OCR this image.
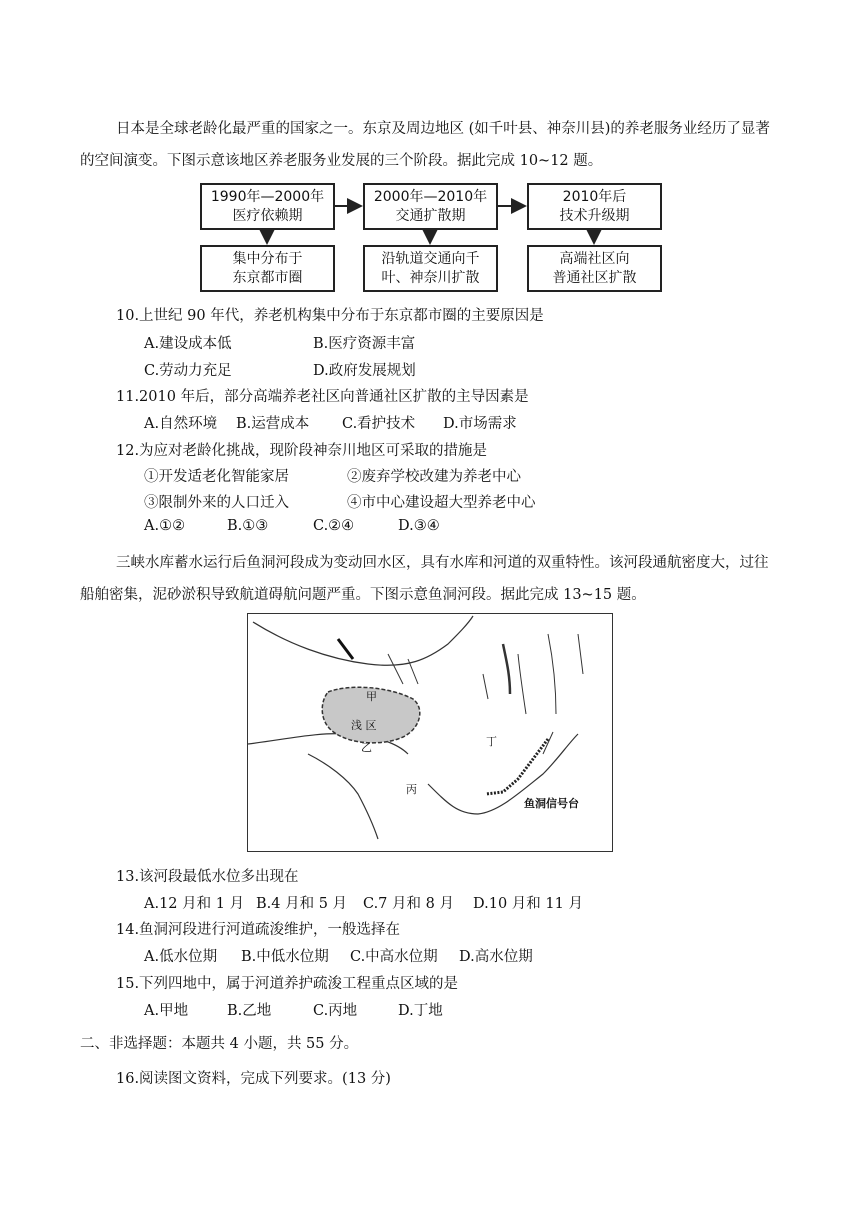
日本是全球老龄化最严重的国家之一。东京及周边地区 (如千叶县、神奈川县)的养老服务业经历了显著的空间演变。下图示意该地区养老服务业发展的三个阶段。据此完成 10~12 题。
1990年—2000年
医疗依赖期
2000年—2010年
交通扩散期
2010年后
技术升级期
集中分布于
东京都市圈
沿轨道交通向千
叶、神奈川扩散
高端社区向
普通社区扩散
10.上世纪 90 年代，养老机构集中分布于东京都市圈的主要原因是
A.建设成本低	B.医疗资源丰富
C.劳动力充足	D.政府发展规划
11.2010 年后，部分高端养老社区向普通社区扩散的主导因素是
A.自然环境 B.运营成本 C.看护技术 D.市场需求
12.为应对老龄化挑战，现阶段神奈川地区可采取的措施是
①开发适老化智能家居	②废弃学校改建为养老中心
③限制外来的人口迁入	④市中心建设超大型养老中心
A.①②	B.①③	C.②④	D.③④
三峡水库蓄水运行后鱼洞河段成为变动回水区，具有水库和河道的双重特性。该河段通航密度大，过往船舶密集，泥砂淤积导致航道碍航问题严重。下图示意鱼洞河段。据此完成 13~15 题。
甲
浅 区
乙
丙
丁
鱼洞信号台
13.该河段最低水位多出现在
A.12 月和 1 月 B.4 月和 5 月 C.7 月和 8 月 D.10 月和 11 月
14.鱼洞河段进行河道疏浚维护，一般选择在
A.低水位期 B.中低水位期 C.中高水位期 D.高水位期
15.下列四地中，属于河道养护疏浚工程重点区域的是
A.甲地	B.乙地	C.丙地	D.丁地
二、非选择题：本题共 4 小题，共 55 分。
16.阅读图文资料，完成下列要求。(13 分)
